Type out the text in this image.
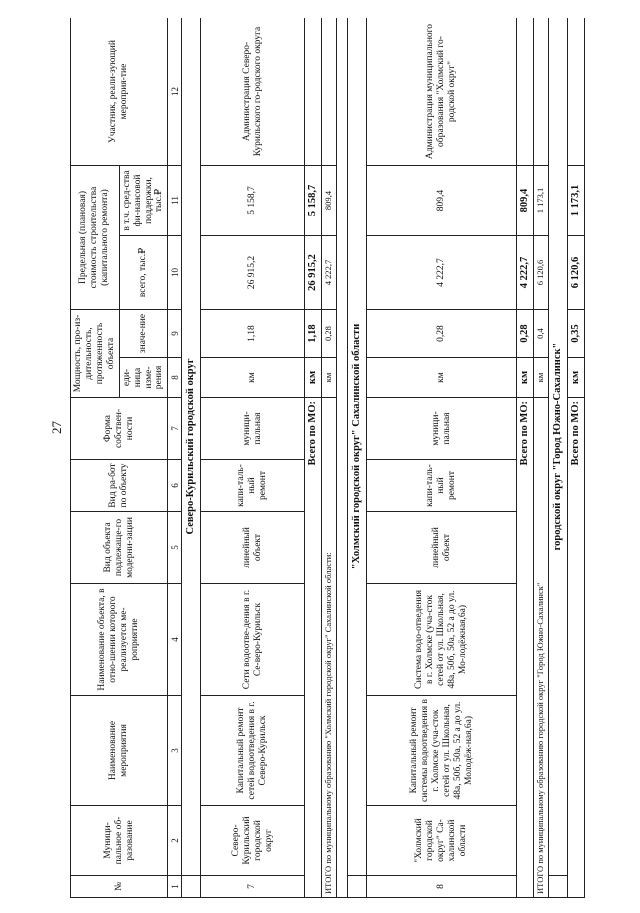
27
№	Муници-пальное об-разование	Наименование мероприятия	Наименование объекта, в отно-шении которого реализуется ме-роприятие	Вид объекта подлежаще-го модерни-зации	Вид ра-бот по объекту	Форма собствен-ности	Мощность, про-из-дительность, протяженность объекта		Предельная (плановая) стоимость строительства (капитального ремонта)		Участник, реали-зующий мероприя-тие
							еди-ница изме-рения	значе-ние	всего, тыс.₽	в т.ч. сред-ства фи-нансовой поддержки, тыс.₽	
1	2	3	4	5	6	7	8	9	10	11	12
	Северо-Курильский городской округ										
7	Северо-Курильский городской округ	Капитальный ремонт сетей водоотведения в г. Северо-Курильск	Сети водоотве-дения в г. Се-веро-Курильск	линейный объект	капи-таль-ный ремонт	муници-пальная	км	1,18	26 915,2	5 158,7	Администрация Северо-Курильского го-родского округа
Всего по МО:							км	1,18	26 915,2	5 158,7	
ИТОГО по муниципальному образованию "Холмский городской округ" Сахалинской области:							км	0,28	4 222,7	809,4	

	"Холмский городской округ" Сахалинской области										
8	"Холмский городской округ" Са-халинской области	Капитальный ремонт системы водоотведения в г. Холмске (уча-сток сетей от ул. Школьная, 48а, 50б, 50а, 52 а до ул. Молодёж-ная,6а)	Система водо-отведения в г. Холмске (уча-сток сетей от ул. Школьная, 48а, 50б, 50а, 52 а до ул. Мо-лодёжная,6а)	линейный объект	капи-таль-ный ремонт	муници-пальная	км	0,28	4 222,7	809,4	Администрация муниципального образования "Холмский го-родской округ"
Всего по МО:							км	0,28	4 222,7	809,4	
ИТОГО по муниципальному образованию городской округ "Город Южно-Сахалинск"							км	0,4	6 120,6	1 173,1	
	городской округ "Город Южно-Сахалинск"										
Всего по МО:							км	0,35	6 120,6	1 173,1	
